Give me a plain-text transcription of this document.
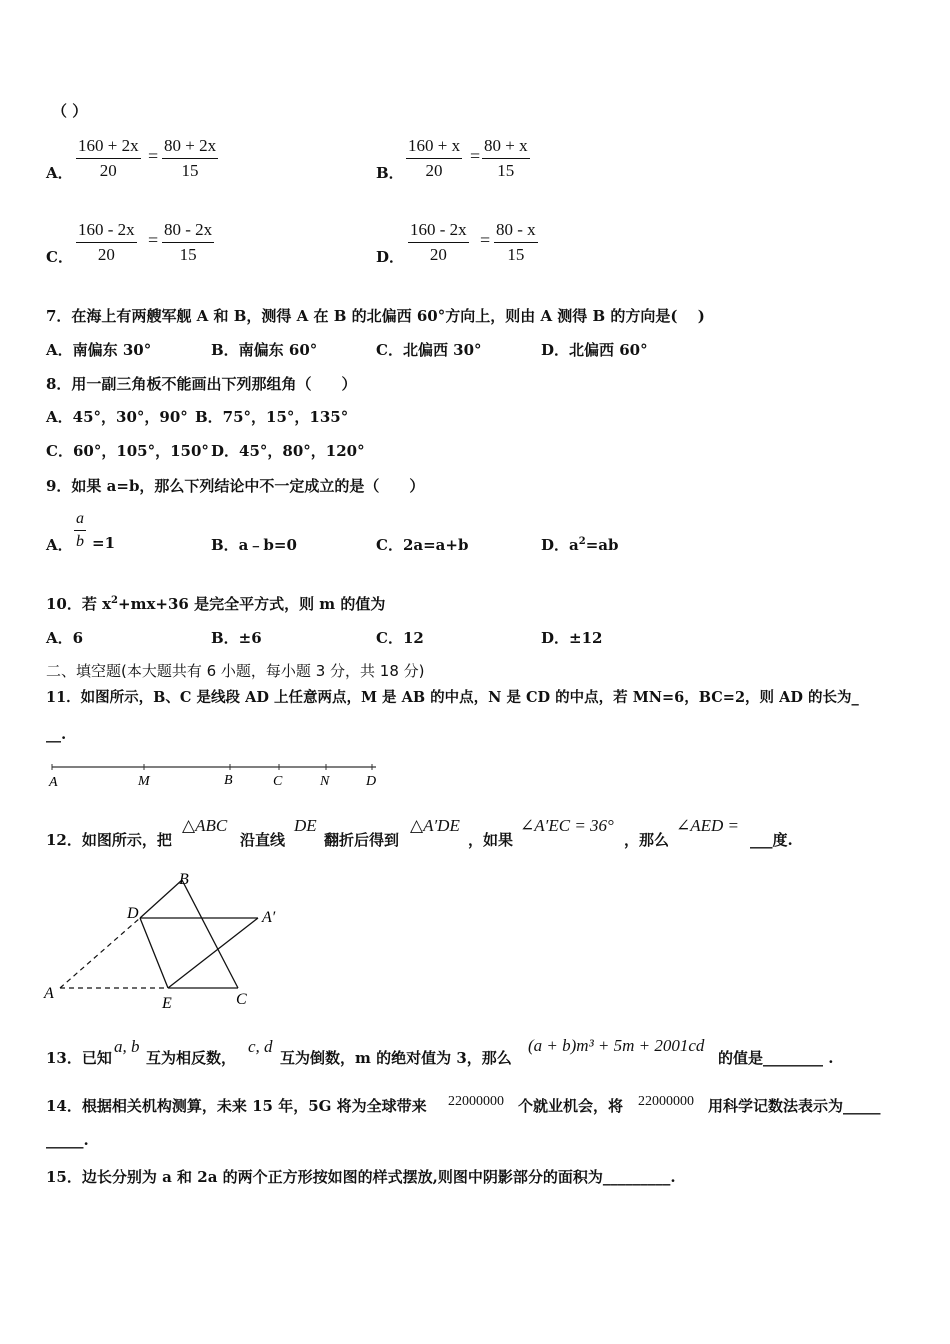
（ ）
A． $\frac{160 + 2x}{20} = \frac{80 + 2x}{15}$	B． $\frac{160 + x}{20} = \frac{80 + x}{15}$
C． $\frac{160 - 2x}{20} = \frac{80 - 2x}{15}$	D． $\frac{160 - 2x}{20} = \frac{80 - x}{15}$
7．在海上有两艘军舰 A 和 B，测得 A 在 B 的北偏西 60°方向上，则由 A 测得 B 的方向是(　 )
A．南偏东 30°	B．南偏东 60°	C．北偏西 30°	D．北偏西 60°
8．用一副三角板不能画出下列那组角（　　）
A．45°，30°，90° B．75°，15°，135°
C．60°，105°，150° D．45°，80°，120°
9．如果 a=b，那么下列结论中不一定成立的是（　　）
A． $\frac{a}{b} =1$	B．a﹣b=0	C．2a=a+b	D．$a^2=ab$
10．若 $x^2+mx+36$ 是完全平方式，则 m 的值为
A．6	B．±6	C．12	D．±12
二、填空题(本大题共有 6 小题，每小题 3 分，共 18 分)
11．如图所示，B、C 是线段 AD 上任意两点，M 是 AB 的中点，N 是 CD 的中点，若 MN=6，BC=2，则 AD 的长为_
__.
A	M	B	C	N	D
12．如图所示，把
△ABC
沿直线
DE
翻折后得到
△A′DE
，如果
∠A′EC = 36°
，那么
∠AED =
___度.
B
D	A′
A
E	C
13．已知
a, b
互为相反数，
c, d
互为倒数，m 的绝对值为 3，那么
(a + b)m³ + 5m + 2001cd
的值是________ .
14．根据相关机构测算，未来 15 年，5G 将为全球带来 22000000 个就业机会，将 22000000 用科学记数法表示为_____
_____.
15．边长分别为 a 和 2a 的两个正方形按如图的样式摆放,则图中阴影部分的面积为_________.
